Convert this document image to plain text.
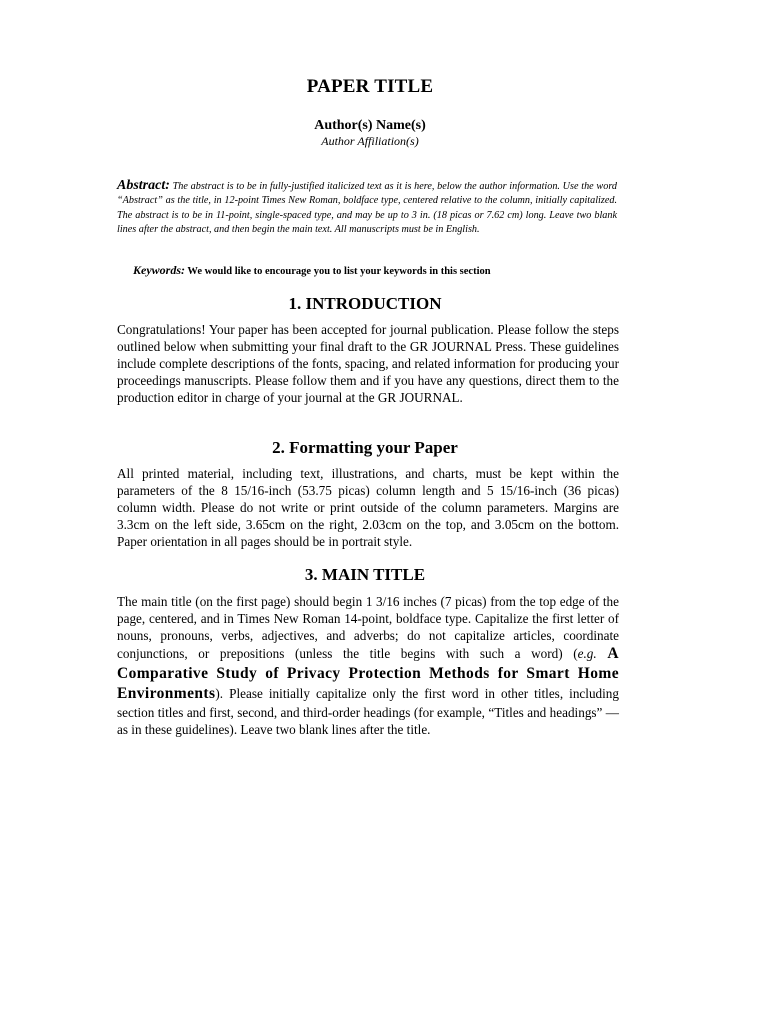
PAPER TITLE
Author(s) Name(s)
Author Affiliation(s)
Abstract: The abstract is to be in fully-justified italicized text as it is here, below the author information. Use the word “Abstract” as the title, in 12-point Times New Roman, boldface type, centered relative to the column, initially capitalized. The abstract is to be in 11-point, single-spaced type, and may be up to 3 in. (18 picas or 7.62 cm) long. Leave two blank lines after the abstract, and then begin the main text. All manuscripts must be in English.
Keywords: We would like to encourage you to list your keywords in this section
1. INTRODUCTION
Congratulations! Your paper has been accepted for journal publication. Please follow the steps outlined below when submitting your final draft to the GR JOURNAL Press. These guidelines include complete descriptions of the fonts, spacing, and related information for producing your proceedings manuscripts. Please follow them and if you have any questions, direct them to the production editor in charge of your journal at the GR JOURNAL.
2. Formatting your Paper
All printed material, including text, illustrations, and charts, must be kept within the parameters of the 8 15/16-inch (53.75 picas) column length and 5 15/16-inch (36 picas) column width. Please do not write or print outside of the column parameters. Margins are 3.3cm on the left side, 3.65cm on the right, 2.03cm on the top, and 3.05cm on the bottom. Paper orientation in all pages should be in portrait style.
3. MAIN TITLE
The main title (on the first page) should begin 1 3/16 inches (7 picas) from the top edge of the page, centered, and in Times New Roman 14-point, boldface type. Capitalize the first letter of nouns, pronouns, verbs, adjectives, and adverbs; do not capitalize articles, coordinate conjunctions, or prepositions (unless the title begins with such a word) (e.g. A Comparative Study of Privacy Protection Methods for Smart Home Environments). Please initially capitalize only the first word in other titles, including section titles and first, second, and third-order headings (for example, “Titles and headings” — as in these guidelines). Leave two blank lines after the title.
